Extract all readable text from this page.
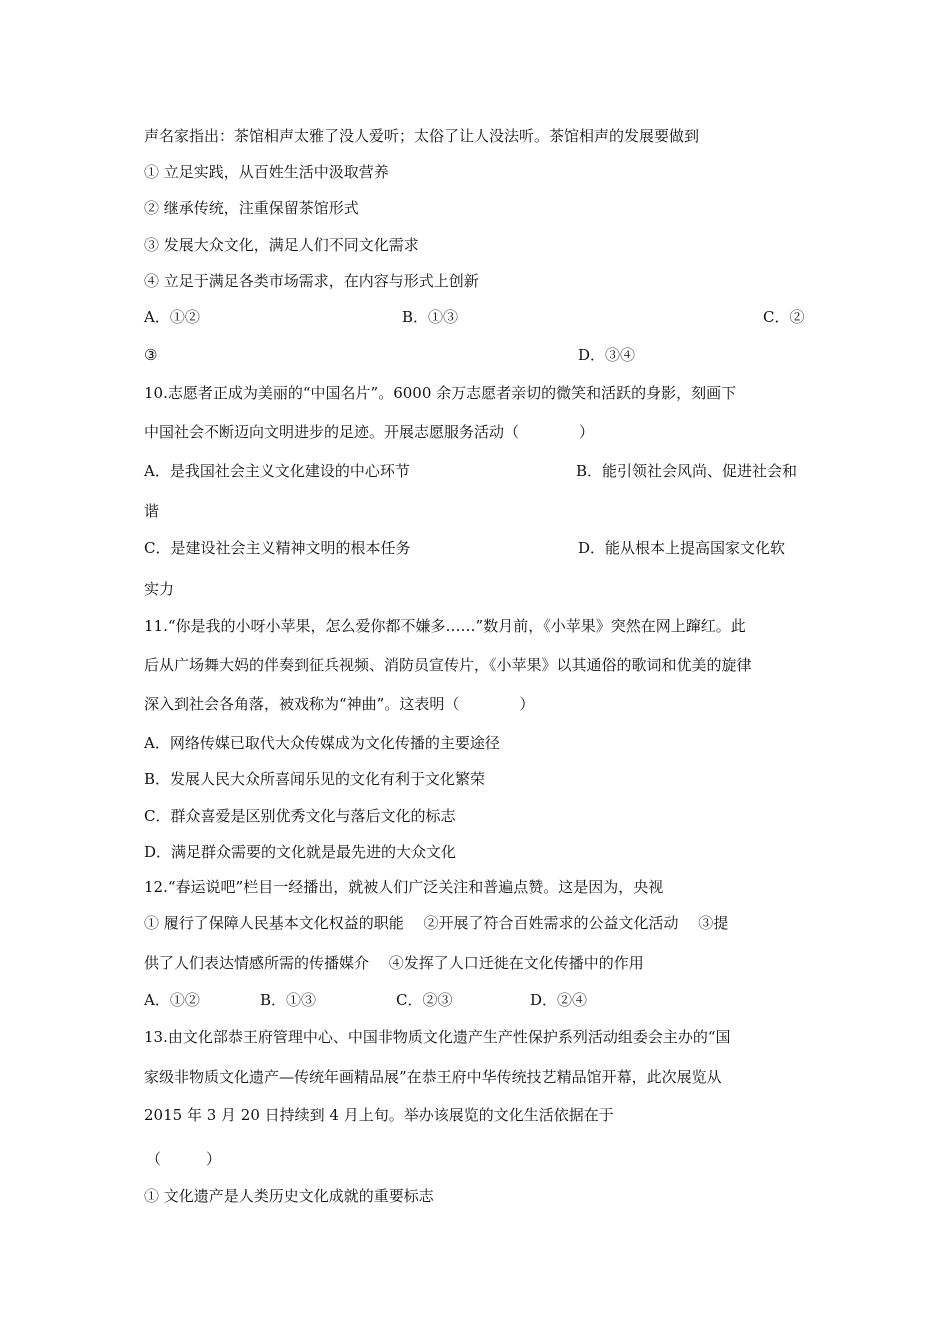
声名家指出：茶馆相声太雅了没人爱听；太俗了让人没法听。茶馆相声的发展要做到
① 立足实践，从百姓生活中汲取营养
② 继承传统，注重保留茶馆形式
③ 发展大众文化，满足人们不同文化需求
④ 立足于满足各类市场需求，在内容与形式上创新
A．①②	B．①③	C．②
③	D．③④
10.志愿者正成为美丽的“中国名片”。6000 余万志愿者亲切的微笑和活跃的身影，刻画下
中国社会不断迈向文明进步的足迹。开展志愿服务活动（　　　　）
A．是我国社会主义文化建设的中心环节	B．能引领社会风尚、促进社会和
谐
C．是建设社会主义精神文明的根本任务	D．能从根本上提高国家文化软
实力
11.“你是我的小呀小苹果，怎么爱你都不嫌多……”数月前，《小苹果》突然在网上蹿红。此
后从广场舞大妈的伴奏到征兵视频、消防员宣传片，《小苹果》以其通俗的歌词和优美的旋律
深入到社会各角落，被戏称为“神曲”。这表明（　　　　）
A．网络传媒已取代大众传媒成为文化传播的主要途径
B．发展人民大众所喜闻乐见的文化有利于文化繁荣
C．群众喜爱是区别优秀文化与落后文化的标志
D．满足群众需要的文化就是最先进的大众文化
12.“春运说吧”栏目一经播出，就被人们广泛关注和普遍点赞。这是因为，央视
① 履行了保障人民基本文化权益的职能　 ②开展了符合百姓需求的公益文化活动　 ③提
供了人们表达情感所需的传播媒介　 ④发挥了人口迁徙在文化传播中的作用
A．①②	B．①③	C．②③	D．②④
13.由文化部恭王府管理中心、中国非物质文化遗产生产性保护系列活动组委会主办的“国
家级非物质文化遗产—传统年画精品展”在恭王府中华传统技艺精品馆开幕，此次展览从
2015 年 3 月 20 日持续到 4 月上旬。举办该展览的文化生活依据在于
（　　　）
① 文化遗产是人类历史文化成就的重要标志
